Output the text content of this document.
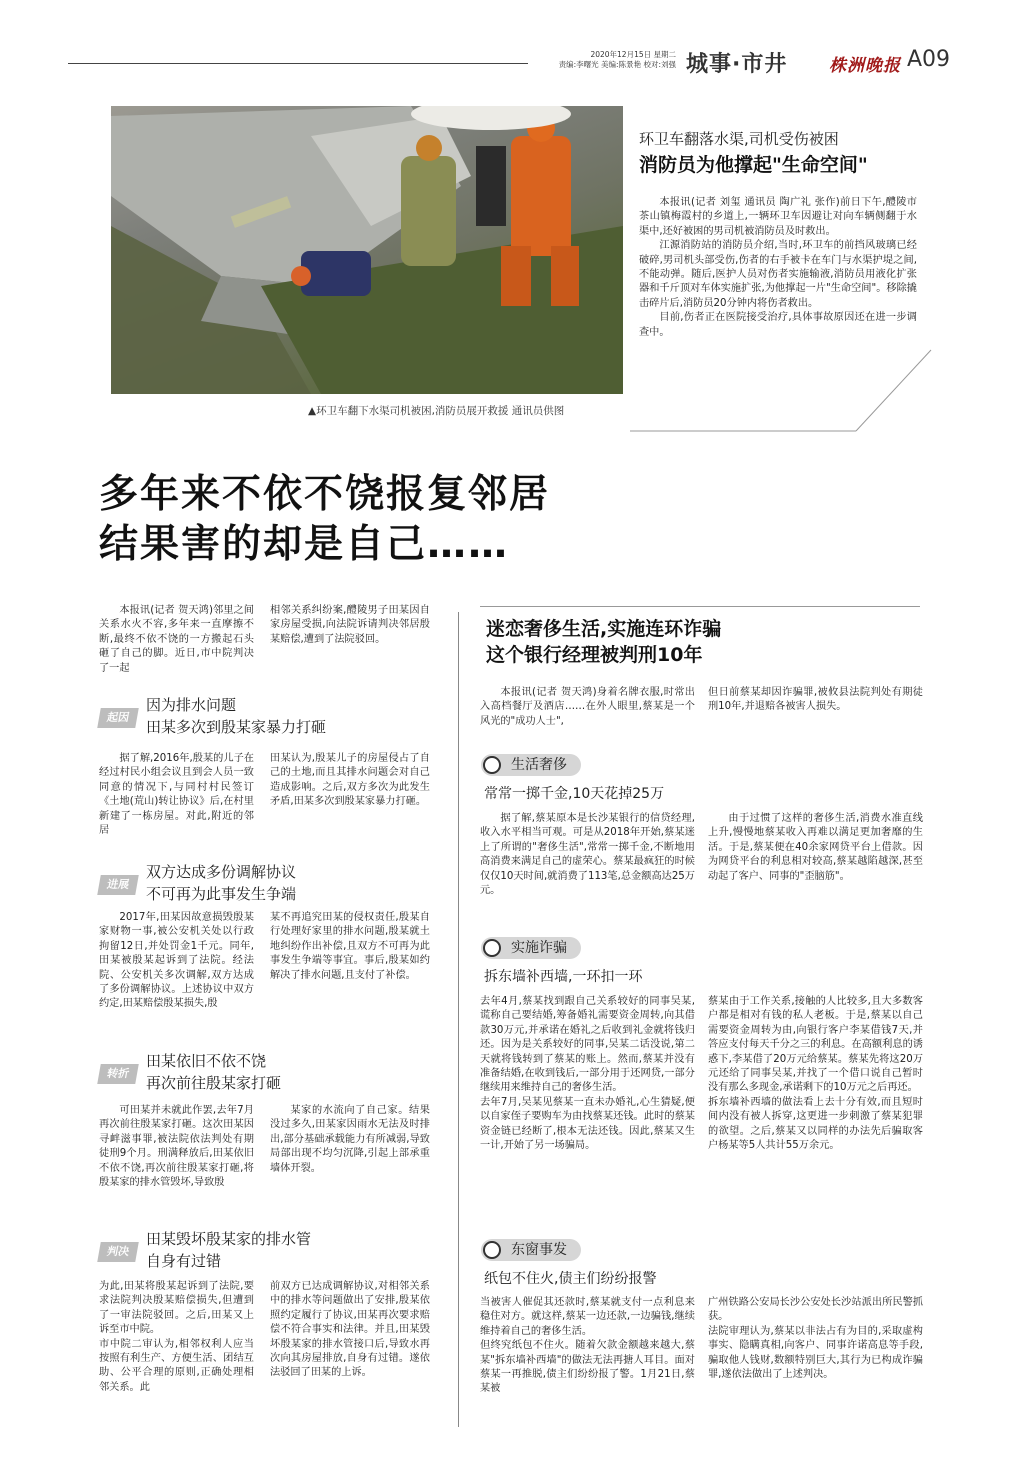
2020年12月15日 星期二
责编:李曙光 美编:陈景艳 校对:刘强 城事·市井 株洲晚报 A09
▲环卫车翻下水渠司机被困,消防员展开救援 通讯员供图
环卫车翻落水渠,司机受伤被困
消防员为他撑起"生命空间"

本报讯(记者 刘玺 通讯员 陶广礼 张作)前日下午,醴陵市茶山镇梅霞村的乡道上,一辆环卫车因避让对向车辆侧翻于水渠中,还好被困的男司机被消防员及时救出。

江源消防站的消防员介绍,当时,环卫车的前挡风玻璃已经破碎,男司机头部受伤,伤者的右手被卡在车门与水渠护堤之间,不能动弹。随后,医护人员对伤者实施输液,消防员用液化扩张器和千斤顶对车体实施扩张,为他撑起一片"生命空间"。移除撬击碎片后,消防员20分钟内将伤者救出。

目前,伤者正在医院接受治疗,具体事故原因还在进一步调查中。

多年来不依不饶报复邻居
结果害的却是自己……
本报讯(记者 贺天鸿)邻里之间关系水火不容,多年来一直摩擦不断,最终不依不饶的一方搬起石头砸了自己的脚。近日,市中院判决了一起
相邻关系纠纷案,醴陵男子田某因自家房屋受损,向法院诉请判决邻居殷某赔偿,遭到了法院驳回。
起因
因为排水问题
田某多次到殷某家暴力打砸
据了解,2016年,殷某的儿子在经过村民小组会议且到会人员一致同意的情况下,与同村村民签订《土地(荒山)转让协议》后,在村里新建了一栋房屋。对此,附近的邻居
田某认为,殷某儿子的房屋侵占了自己的土地,而且其排水问题会对自己造成影响。之后,双方多次为此发生矛盾,田某多次到殷某家暴力打砸。
进展
双方达成多份调解协议
不可再为此事发生争端
2017年,田某因故意损毁殷某家财物一事,被公安机关处以行政拘留12日,并处罚金1千元。同年,田某被殷某起诉到了法院。经法院、公安机关多次调解,双方达成了多份调解协议。上述协议中双方约定,田某赔偿殷某损失,殷
某不再追究田某的侵权责任,殷某自行处理好家里的排水问题,殷某就土地纠纷作出补偿,且双方不可再为此事发生争端等事宜。事后,殷某如约解决了排水问题,且支付了补偿。
转折
田某依旧不依不饶
再次前往殷某家打砸
可田某并未就此作罢,去年7月再次前往殷某家打砸。这次田某因寻衅滋事罪,被法院依法判处有期徒刑9个月。刑满释放后,田某依旧不依不饶,再次前往殷某家打砸,将殷某家的排水管毁坏,导致殷
某家的水流向了自己家。结果没过多久,田某家因雨水无法及时排出,部分基础承载能力有所减弱,导致局部出现不均匀沉降,引起上部承重墙体开裂。
判决
田某毁坏殷某家的排水管
自身有过错
为此,田某将殷某起诉到了法院,要求法院判决殷某赔偿损失,但遭到了一审法院驳回。之后,田某又上诉至市中院。
市中院二审认为,相邻权利人应当按照有利生产、方便生活、团结互助、公平合理的原则,正确处理相邻关系。此
前双方已达成调解协议,对相邻关系中的排水等问题做出了安排,殷某依照约定履行了协议,田某再次要求赔偿不符合事实和法律。并且,田某毁坏殷某家的排水管接口后,导致水再次向其房屋排放,自身有过错。遂依法驳回了田某的上诉。
迷恋奢侈生活,实施连环诈骗
这个银行经理被判刑10年
本报讯(记者 贺天鸿)身着名牌衣服,时常出入高档餐厅及酒店……在外人眼里,蔡某是一个风光的"成功人士",
但日前蔡某却因诈骗罪,被攸县法院判处有期徒刑10年,并退赔各被害人损失。
生活奢侈
常常一掷千金,10天花掉25万
据了解,蔡某原本是长沙某银行的信贷经理,收入水平相当可观。可是从2018年开始,蔡某迷上了所谓的"奢侈生活",常常一掷千金,不断地用高消费来满足自己的虚荣心。蔡某最疯狂的时候仅仅10天时间,就消费了113笔,总金额高达25万元。
由于过惯了这样的奢侈生活,消费水准直线上升,慢慢地蔡某收入再难以满足更加奢靡的生活。于是,蔡某便在40余家网贷平台上借款。因为网贷平台的利息相对较高,蔡某越陷越深,甚至动起了客户、同事的"歪脑筋"。
实施诈骗
拆东墙补西墙,一环扣一环
去年4月,蔡某找到跟自己关系较好的同事吴某,谎称自己要结婚,筹备婚礼需要资金周转,向其借款30万元,并承诺在婚礼之后收到礼金就将钱归还。因为是关系较好的同事,吴某二话没说,第二天就将钱转到了蔡某的账上。然而,蔡某并没有准备结婚,在收到钱后,一部分用于还网贷,一部分继续用来维持自己的奢侈生活。
去年7月,吴某见蔡某一直未办婚礼,心生猜疑,便以自家侄子要购车为由找蔡某还钱。此时的蔡某资金链已经断了,根本无法还钱。因此,蔡某又生一计,开始了另一场骗局。
蔡某由于工作关系,接触的人比较多,且大多数客户都是相对有钱的私人老板。于是,蔡某以自己需要资金周转为由,向银行客户李某借钱7天,并答应支付每天千分之三的利息。在高额利息的诱惑下,李某借了20万元给蔡某。蔡某先将这20万元还给了同事吴某,并找了一个借口说自己暂时没有那么多现金,承诺剩下的10万元之后再还。
拆东墙补西墙的做法看上去十分有效,而且短时间内没有被人拆穿,这更进一步刺激了蔡某犯罪的欲望。之后,蔡某又以同样的办法先后骗取客户杨某等5人共计55万余元。
东窗事发
纸包不住火,债主们纷纷报警
当被害人催促其还款时,蔡某就支付一点利息来稳住对方。就这样,蔡某一边还款,一边骗钱,继续维持着自己的奢侈生活。
但终究纸包不住火。随着欠款金额越来越大,蔡某"拆东墙补西墙"的做法无法再搪人耳目。面对蔡某一再推脱,债主们纷纷报了警。1月21日,蔡某被
广州铁路公安局长沙公安处长沙站派出所民警抓获。
法院审理认为,蔡某以非法占有为目的,采取虚构事实、隐瞒真相,向客户、同事许诺高息等手段,骗取他人钱财,数额特别巨大,其行为已构成诈骗罪,遂依法做出了上述判决。
